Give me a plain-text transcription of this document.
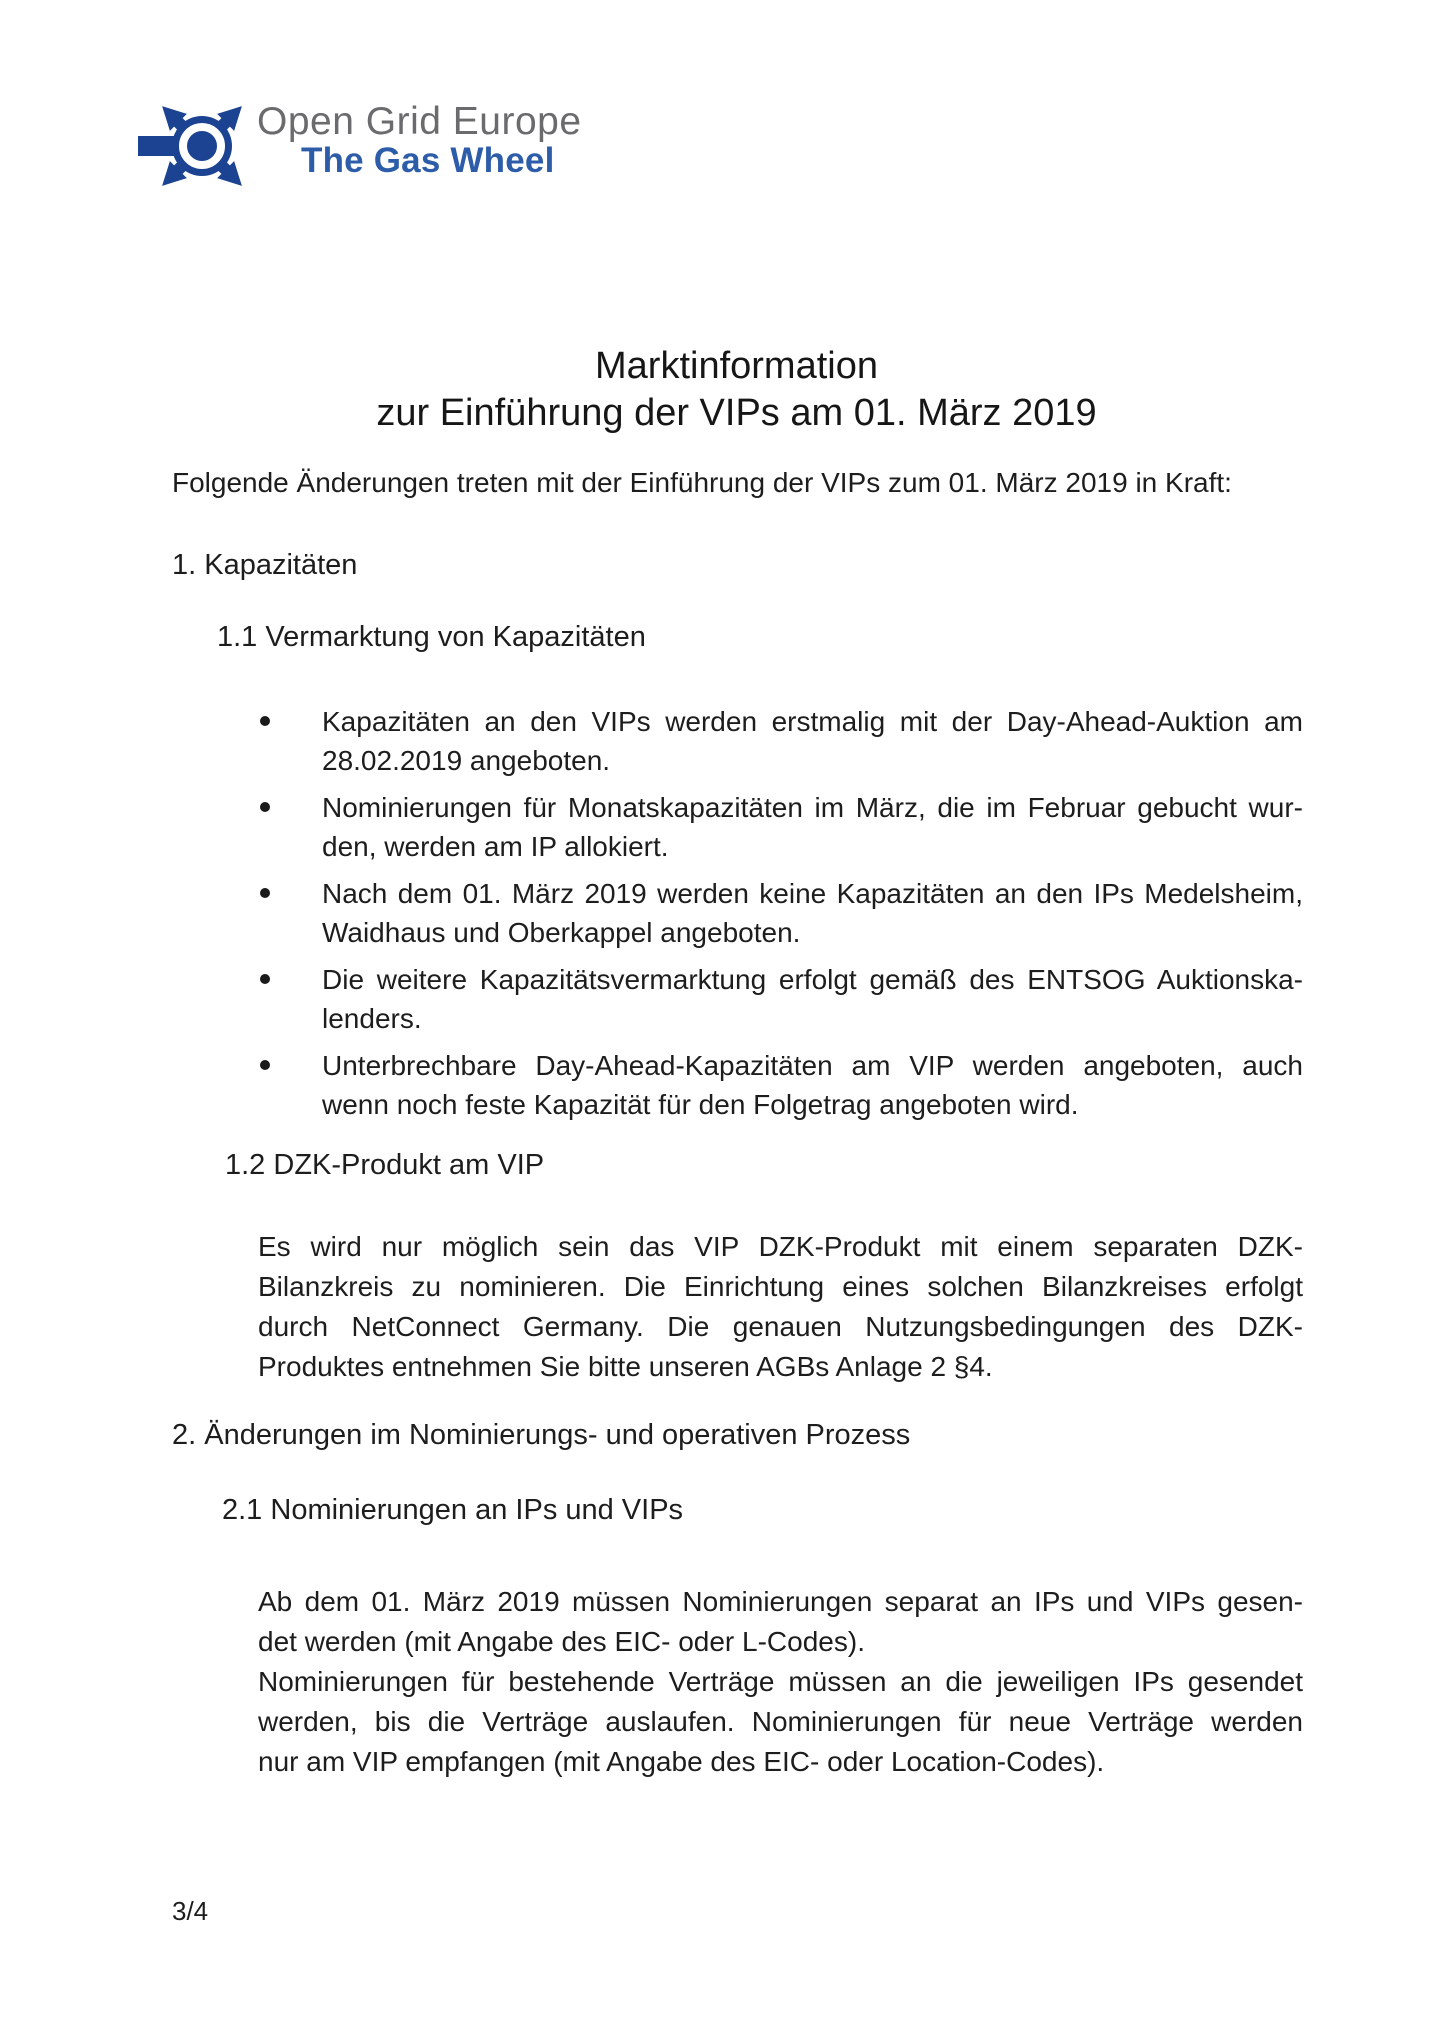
Open Grid Europe
The Gas Wheel
Marktinformation
zur Einführung der VIPs am 01. März 2019
Folgende Änderungen treten mit der Einführung der VIPs zum 01. März 2019 in Kraft:
1. Kapazitäten
1.1 Vermarktung von Kapazitäten
Kapazitäten an den VIPs werden erstmalig mit der Day-Ahead-Auktion am
28.02.2019 angeboten.
Nominierungen für Monatskapazitäten im März, die im Februar gebucht wur-
den, werden am IP allokiert.
Nach dem 01. März 2019 werden keine Kapazitäten an den IPs Medelsheim,
Waidhaus und Oberkappel angeboten.
Die weitere Kapazitätsvermarktung erfolgt gemäß des ENTSOG Auktionska-
lenders.
Unterbrechbare Day-Ahead-Kapazitäten am VIP werden angeboten, auch
wenn noch feste Kapazität für den Folgetrag angeboten wird.
1.2 DZK-Produkt am VIP
Es wird nur möglich sein das VIP DZK-Produkt mit einem separaten DZK-
Bilanzkreis zu nominieren. Die Einrichtung eines solchen Bilanzkreises erfolgt
durch NetConnect Germany. Die genauen Nutzungsbedingungen des DZK-
Produktes entnehmen Sie bitte unseren AGBs Anlage 2 §4.
2. Änderungen im Nominierungs- und operativen Prozess
2.1 Nominierungen an IPs und VIPs
Ab dem 01. März 2019 müssen Nominierungen separat an IPs und VIPs gesen-
det werden (mit Angabe des EIC- oder L-Codes).
Nominierungen für bestehende Verträge müssen an die jeweiligen IPs gesendet
werden, bis die Verträge auslaufen. Nominierungen für neue Verträge werden
nur am VIP empfangen (mit Angabe des EIC- oder Location-Codes).
3/4
